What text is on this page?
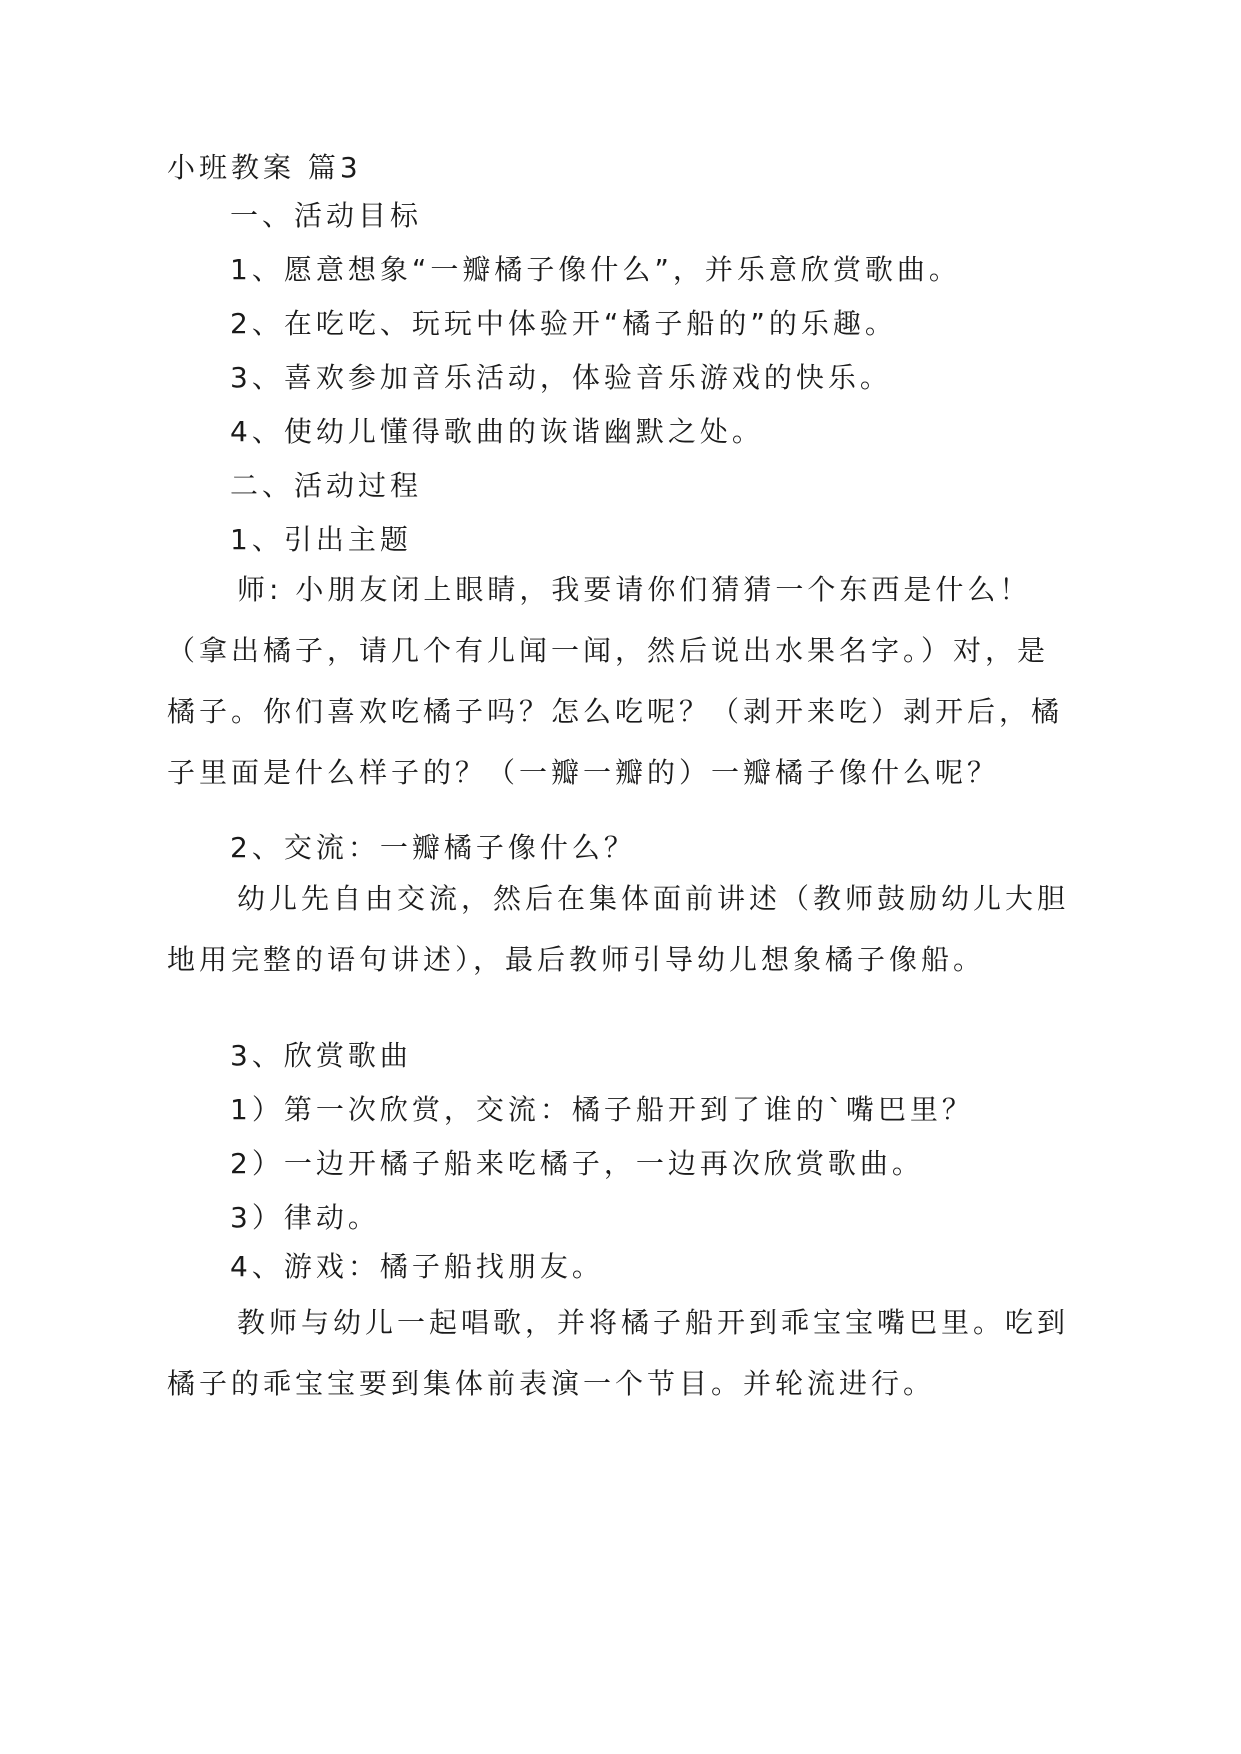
小班教案 篇3
一、活动目标
1、愿意想象“一瓣橘子像什么”，并乐意欣赏歌曲。
2、在吃吃、玩玩中体验开“橘子船的”的乐趣。
3、喜欢参加音乐活动，体验音乐游戏的快乐。
4、使幼儿懂得歌曲的诙谐幽默之处。
二、活动过程
1、引出主题
师: 小朋友闭上眼睛，我要请你们猜猜一个东西是什么！（拿出橘子，请几个有儿闻一闻，然后说出水果名字。）对，是橘子。你们喜欢吃橘子吗？怎么吃呢？（剥开来吃）剥开后，橘子里面是什么样子的？（一瓣一瓣的）一瓣橘子像什么呢？
2、交流：一瓣橘子像什么？
幼儿先自由交流，然后在集体面前讲述（教师鼓励幼儿大胆地用完整的语句讲述），最后教师引导幼儿想象橘子像船。
3、欣赏歌曲
1）第一次欣赏，交流：橘子船开到了谁的`嘴巴里？
2）一边开橘子船来吃橘子，一边再次欣赏歌曲。
3）律动。
4、游戏：橘子船找朋友。
教师与幼儿一起唱歌，并将橘子船开到乖宝宝嘴巴里。吃到橘子的乖宝宝要到集体前表演一个节目。并轮流进行。
